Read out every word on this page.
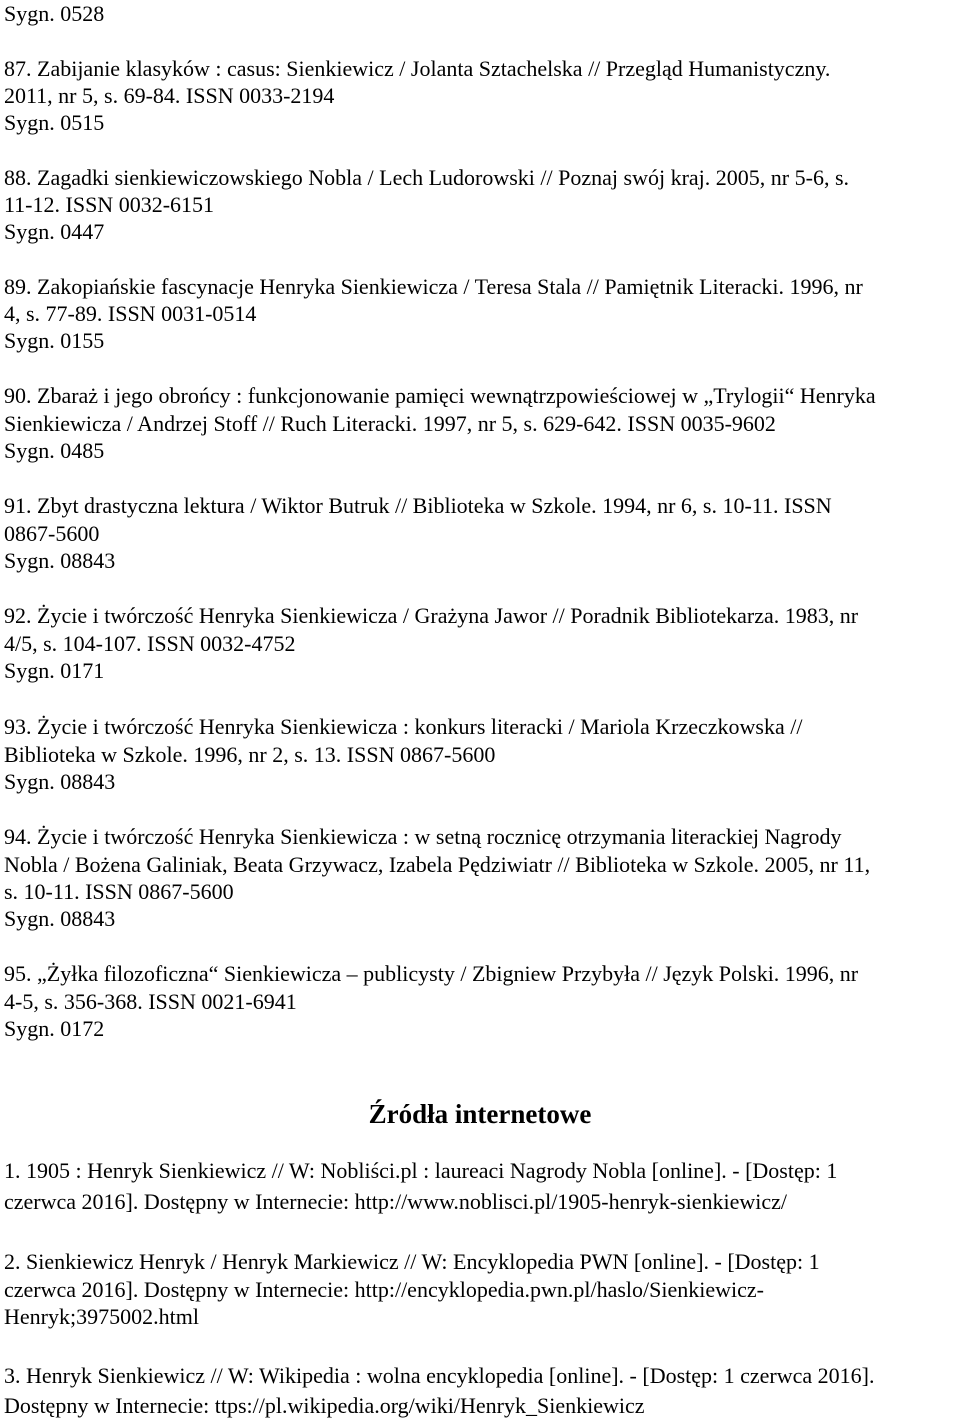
Sygn. 0528
87. Zabijanie klasyków : casus: Sienkiewicz / Jolanta Sztachelska // Przegląd Humanistyczny.
2011, nr 5, s. 69-84. ISSN 0033-2194
Sygn. 0515
88. Zagadki sienkiewiczowskiego Nobla / Lech Ludorowski // Poznaj swój kraj. 2005, nr 5-6, s.
11-12. ISSN 0032-6151
Sygn. 0447
89. Zakopiańskie fascynacje Henryka Sienkiewicza / Teresa Stala // Pamiętnik Literacki. 1996, nr
4, s. 77-89. ISSN 0031-0514
Sygn. 0155
90. Zbaraż i jego obrońcy : funkcjonowanie pamięci wewnątrzpowieściowej w „Trylogii“ Henryka
Sienkiewicza / Andrzej Stoff // Ruch Literacki. 1997, nr 5, s. 629-642. ISSN 0035-9602
Sygn. 0485
91. Zbyt drastyczna lektura / Wiktor Butruk // Biblioteka w Szkole. 1994, nr 6, s. 10-11. ISSN
0867-5600
Sygn. 08843
92. Życie i twórczość Henryka Sienkiewicza / Grażyna Jawor // Poradnik Bibliotekarza. 1983, nr
4/5, s. 104-107. ISSN 0032-4752
Sygn. 0171
93. Życie i twórczość Henryka Sienkiewicza : konkurs literacki / Mariola Krzeczkowska //
Biblioteka w Szkole. 1996, nr 2, s. 13. ISSN 0867-5600
Sygn. 08843
94. Życie i twórczość Henryka Sienkiewicza : w setną rocznicę otrzymania literackiej Nagrody
Nobla / Bożena Galiniak, Beata Grzywacz, Izabela Pędziwiatr // Biblioteka w Szkole. 2005, nr 11,
s. 10-11. ISSN 0867-5600
Sygn. 08843
95. „Żyłka filozoficzna“ Sienkiewicza – publicysty / Zbigniew Przybyła // Język Polski. 1996, nr
4-5, s. 356-368. ISSN 0021-6941
Sygn. 0172
Źródła internetowe
1. 1905 : Henryk Sienkiewicz // W: Nobliści.pl : laureaci Nagrody Nobla [online]. - [Dostęp: 1
czerwca 2016]. Dostępny w Internecie: http://www.noblisci.pl/1905-henryk-sienkiewicz/
2. Sienkiewicz Henryk / Henryk Markiewicz // W: Encyklopedia PWN [online]. - [Dostęp: 1
czerwca 2016]. Dostępny w Internecie: http://encyklopedia.pwn.pl/haslo/Sienkiewicz-
Henryk;3975002.html
3. Henryk Sienkiewicz // W: Wikipedia : wolna encyklopedia [online]. - [Dostęp: 1 czerwca 2016].
Dostępny w Internecie: ttps://pl.wikipedia.org/wiki/Henryk_Sienkiewicz
